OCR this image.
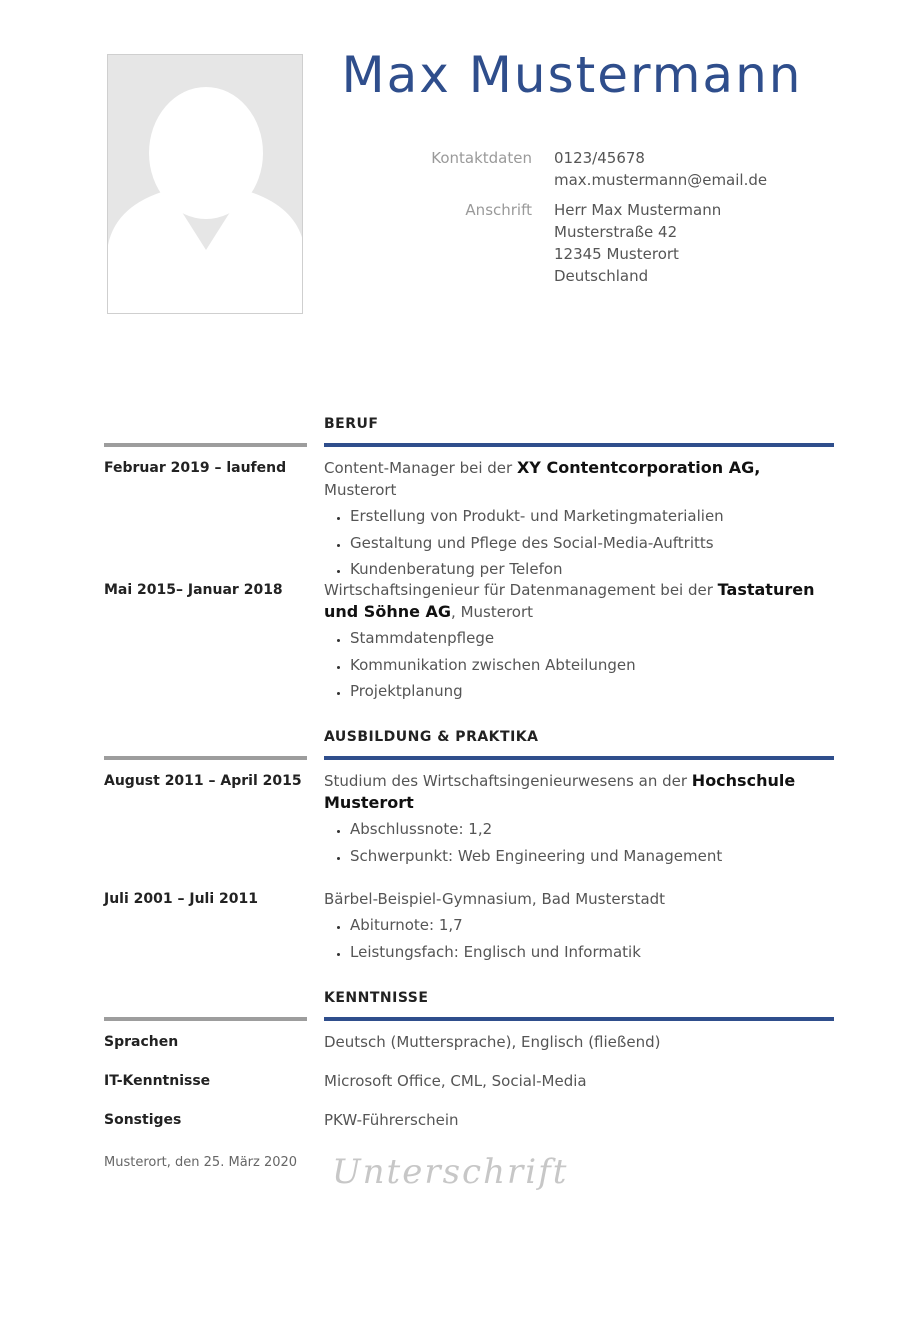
Max Mustermann
Kontaktdaten	0123/45678
max.mustermann@email.de
Anschrift	Herr Max Mustermann
Musterstraße 42
12345 Musterort
Deutschland
BERUF
Februar 2019 – laufend	Content-Manager bei der XY Contentcorporation AG, Musterort
• Erstellung von Produkt- und Marketingmaterialien
• Gestaltung und Pflege des Social-Media-Auftritts
• Kundenberatung per Telefon
Mai 2015– Januar 2018	Wirtschaftsingenieur für Datenmanagement bei der Tastaturen und Söhne AG, Musterort
• Stammdatenpflege
• Kommunikation zwischen Abteilungen
• Projektplanung
AUSBILDUNG & PRAKTIKA
August 2011 – April 2015	Studium des Wirtschaftsingenieurwesens an der Hochschule Musterort
• Abschlussnote: 1,2
• Schwerpunkt: Web Engineering und Management
Juli 2001 – Juli 2011	Bärbel-Beispiel-Gymnasium, Bad Musterstadt
• Abiturnote: 1,7
• Leistungsfach: Englisch und Informatik
KENNTNISSE
Sprachen	Deutsch (Muttersprache), Englisch (fließend)
IT-Kenntnisse	Microsoft Office, CML, Social-Media
Sonstiges	PKW-Führerschein
Musterort, den 25. März 2020 Unterschrift
